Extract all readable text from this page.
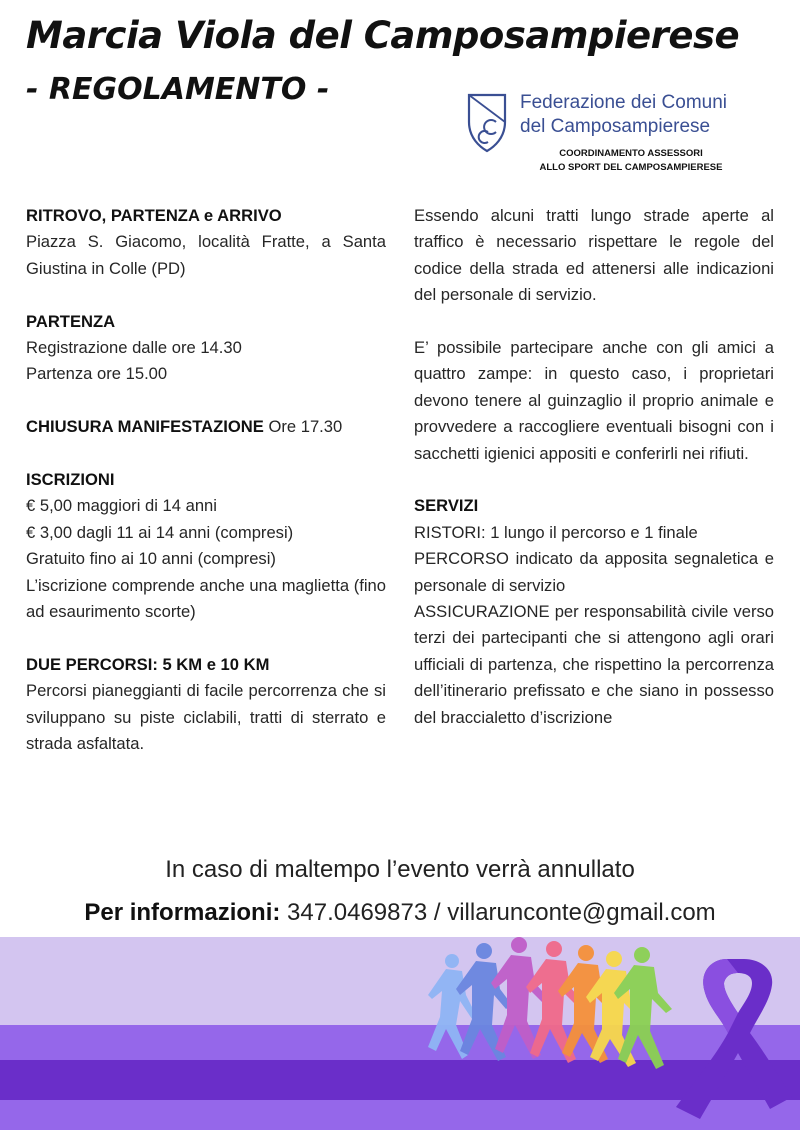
Marcia Viola del Camposampierese
- REGOLAMENTO -	Federazione dei Comuni
del Camposampierese
COORDINAMENTO ASSESSORI
ALLO SPORT DEL CAMPOSAMPIERESE

RITROVO, PARTENZA e ARRIVO

Piazza S. Giacomo, località Fratte, a Santa Giustina in Colle (PD)

PARTENZA

Registrazione dalle ore 14.30

Partenza ore 15.00

CHIUSURA MANIFESTAZIONE Ore 17.30

ISCRIZIONI

€ 5,00 maggiori di 14 anni

€ 3,00 dagli 11 ai 14 anni (compresi)

Gratuito fino ai 10 anni (compresi)

L’iscrizione comprende anche una maglietta (fino ad esaurimento scorte)

DUE PERCORSI: 5 KM e 10 KM

Percorsi pianeggianti di facile percorrenza che si sviluppano su piste ciclabili, tratti di sterrato e strada asfaltata.

Essendo alcuni tratti lungo strade aperte al traffico è necessario rispettare le regole del codice della strada ed attenersi alle indicazioni del personale di servizio.

E’ possibile partecipare anche con gli amici a quattro zampe: in questo caso, i proprietari devono tenere al guinzaglio il proprio animale e provvedere a raccogliere eventuali bisogni con i sacchetti igienici appositi e conferirli nei rifiuti.

SERVIZI

RISTORI: 1 lungo il percorso e 1 finale

PERCORSO indicato da apposita segnaletica e personale di servizio

ASSICURAZIONE per responsabilità civile verso terzi dei partecipanti che si attengono agli orari ufficiali di partenza, che rispettino la percorrenza dell’itinerario prefissato e che siano in possesso del braccialetto d’iscrizione

In caso di maltempo l’evento verrà annullato
Per informazioni: 347.0469873 / villarunconte@gmail.com
